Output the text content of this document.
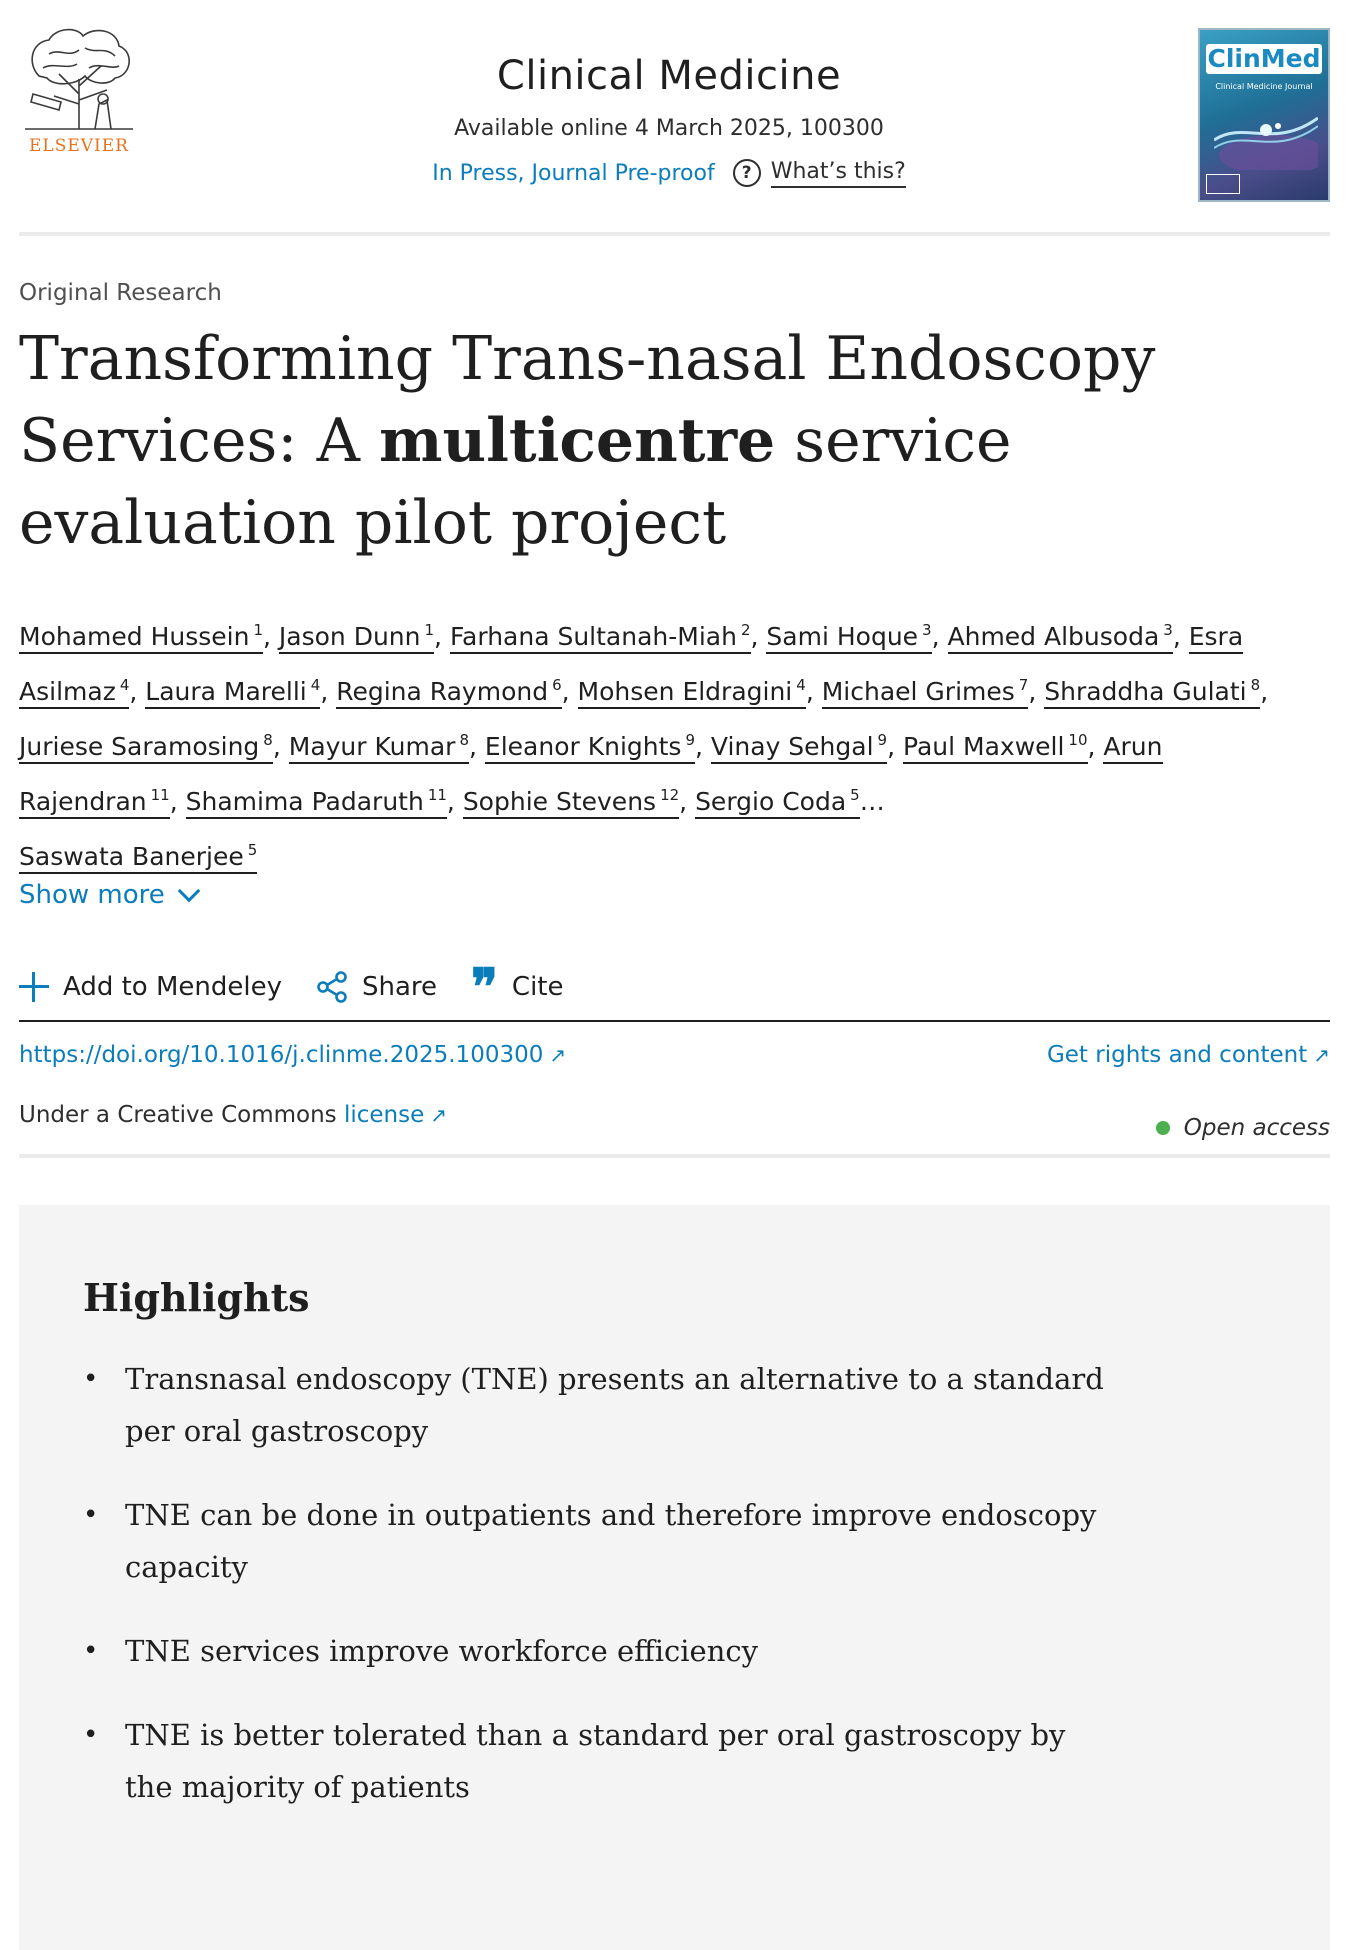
ELSEVIER
Clinical Medicine
Available online 4 March 2025, 100300
In Press, Journal Pre-proof	? What’s this?

ClinMed
Clinical Medicine Journal
Original Research
Transforming Trans-nasal Endoscopy Services: A multicentre service evaluation pilot project
Mohamed Hussein $^1$, Jason Dunn $^1$, Farhana Sultanah-Miah $^2$, Sami Hoque $^3$, Ahmed Albusoda $^3$, Esra Asilmaz $^4$, Laura Marelli $^4$, Regina Raymond $^6$, Mohsen Eldragini $^4$, Michael Grimes $^7$, Shraddha Gulati $^8$, Juriese Saramosing $^8$, Mayur Kumar $^8$, Eleanor Knights $^9$, Vinay Sehgal $^9$, Paul Maxwell $^{10}$, Arun Rajendran $^{11}$, Shamima Padaruth $^{11}$, Sophie Stevens $^{12}$, Sergio Coda $^5$…
Saswata Banerjee $^5$
Show more
Add to Mendeley	Share ❞ Cite
https://doi.org/10.1016/j.clinme.2025.100300 ↗	Get rights and content ↗
Under a Creative Commons license ↗	Open access
Highlights
• Transnasal endoscopy (TNE) presents an alternative to a standard per oral gastroscopy
• TNE can be done in outpatients and therefore improve endoscopy capacity
• TNE services improve workforce efficiency
• TNE is better tolerated than a standard per oral gastroscopy by the majority of patients
